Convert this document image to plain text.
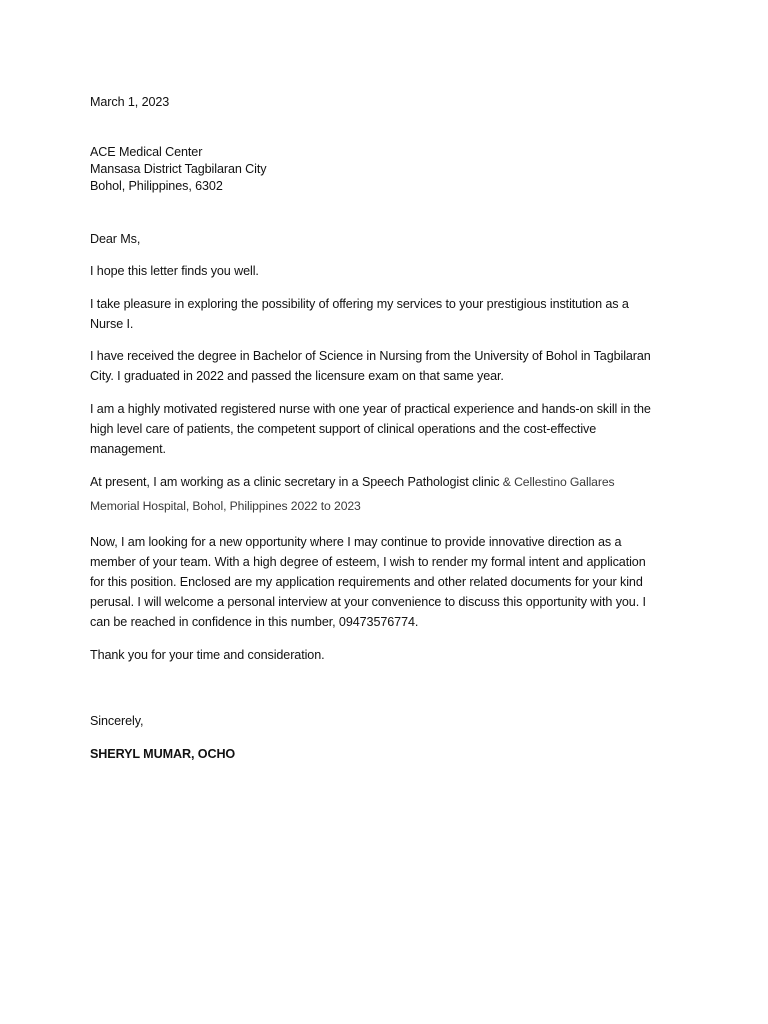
March 1, 2023
ACE Medical Center
Mansasa District Tagbilaran City
Bohol, Philippines, 6302
Dear Ms,
I hope this letter finds you well.
I take pleasure in exploring the possibility of offering my services to your prestigious institution as a
Nurse I.
I have received the degree in Bachelor of Science in Nursing from the University of Bohol in Tagbilaran
City. I graduated in 2022 and passed the licensure exam on that same year.
I am a highly motivated registered nurse with one year of practical experience and hands-on skill in the
high level care of patients, the competent support of clinical operations and the cost-effective
management.
At present, I am working as a clinic secretary in a Speech Pathologist clinic & Cellestino Gallares
Memorial Hospital, Bohol, Philippines 2022 to 2023
Now, I am looking for a new opportunity where I may continue to provide innovative direction as a
member of your team. With a high degree of esteem, I wish to render my formal intent and application
for this position. Enclosed are my application requirements and other related documents for your kind
perusal. I will welcome a personal interview at your convenience to discuss this opportunity with you. I
can be reached in confidence in this number, 09473576774.
Thank you for your time and consideration.
Sincerely,
SHERYL MUMAR, OCHO
